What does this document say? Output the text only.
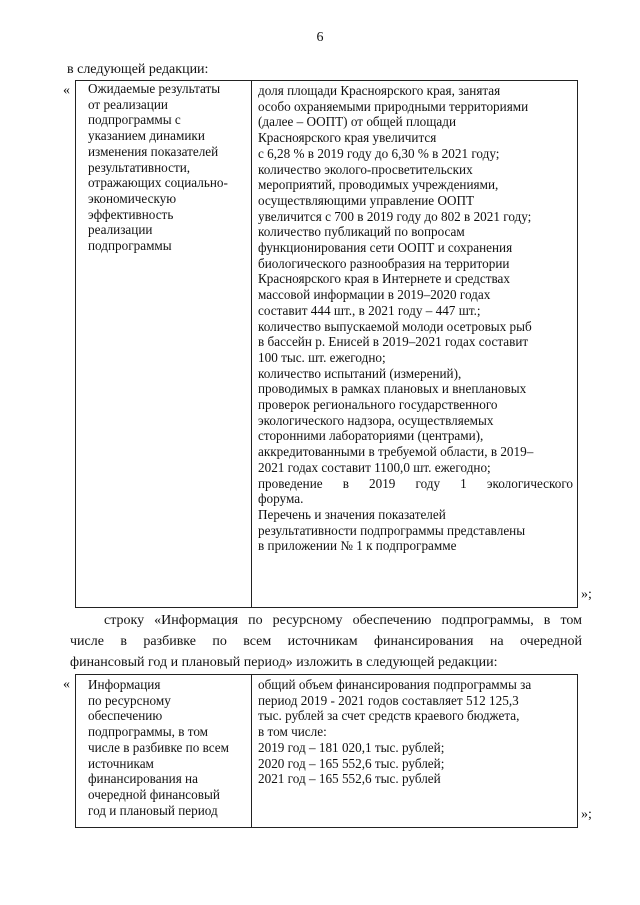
6
в следующей редакции:
« Ожидаемые результаты
от реализации
подпрограммы с
указанием динамики
изменения показателей
результативности,
отражающих социально-
экономическую
эффективность
реализации
подпрограммы
доля площади Красноярского края, занятая
особо охраняемыми природными территориями
(далее – ООПТ) от общей площади
Красноярского края увеличится
с 6,28 % в 2019 году до 6,30 % в 2021 году;
количество эколого-просветительских
мероприятий, проводимых учреждениями,
осуществляющими управление ООПТ
увеличится с 700 в 2019 году до 802 в 2021 году;
количество публикаций по вопросам
функционирования сети ООПТ и сохранения
биологического разнообразия на территории
Красноярского края в Интернете и средствах
массовой информации в 2019–2020 годах
составит 444 шт., в 2021 году – 447 шт.;
количество выпускаемой молоди осетровых рыб
в бассейн р. Енисей в 2019–2021 годах составит
100 тыс. шт. ежегодно;
количество испытаний (измерений),
проводимых в рамках плановых и внеплановых
проверок регионального государственного
экологического надзора, осуществляемых
сторонними лабораториями (центрами),
аккредитованными в требуемой области, в 2019–
2021 годах составит 1100,0 шт. ежегодно;
проведение в 2019 году 1 экологического
форума.
Перечень и значения показателей
результативности подпрограммы представлены
в приложении № 1 к подпрограмме
»;
строку «Информация по ресурсному обеспечению подпрограммы, в том
числе в разбивке по всем источникам финансирования на очередной
финансовый год и плановый период» изложить в следующей редакции:
« Информация
по ресурсному
обеспечению
подпрограммы, в том
числе в разбивке по всем
источникам
финансирования на
очередной финансовый
год и плановый период
общий объем финансирования подпрограммы за
период 2019 - 2021 годов составляет 512 125,3
тыс. рублей за счет средств краевого бюджета,
в том числе:
2019 год – 181 020,1 тыс. рублей;
2020 год – 165 552,6 тыс. рублей;
2021 год – 165 552,6 тыс. рублей
»;
